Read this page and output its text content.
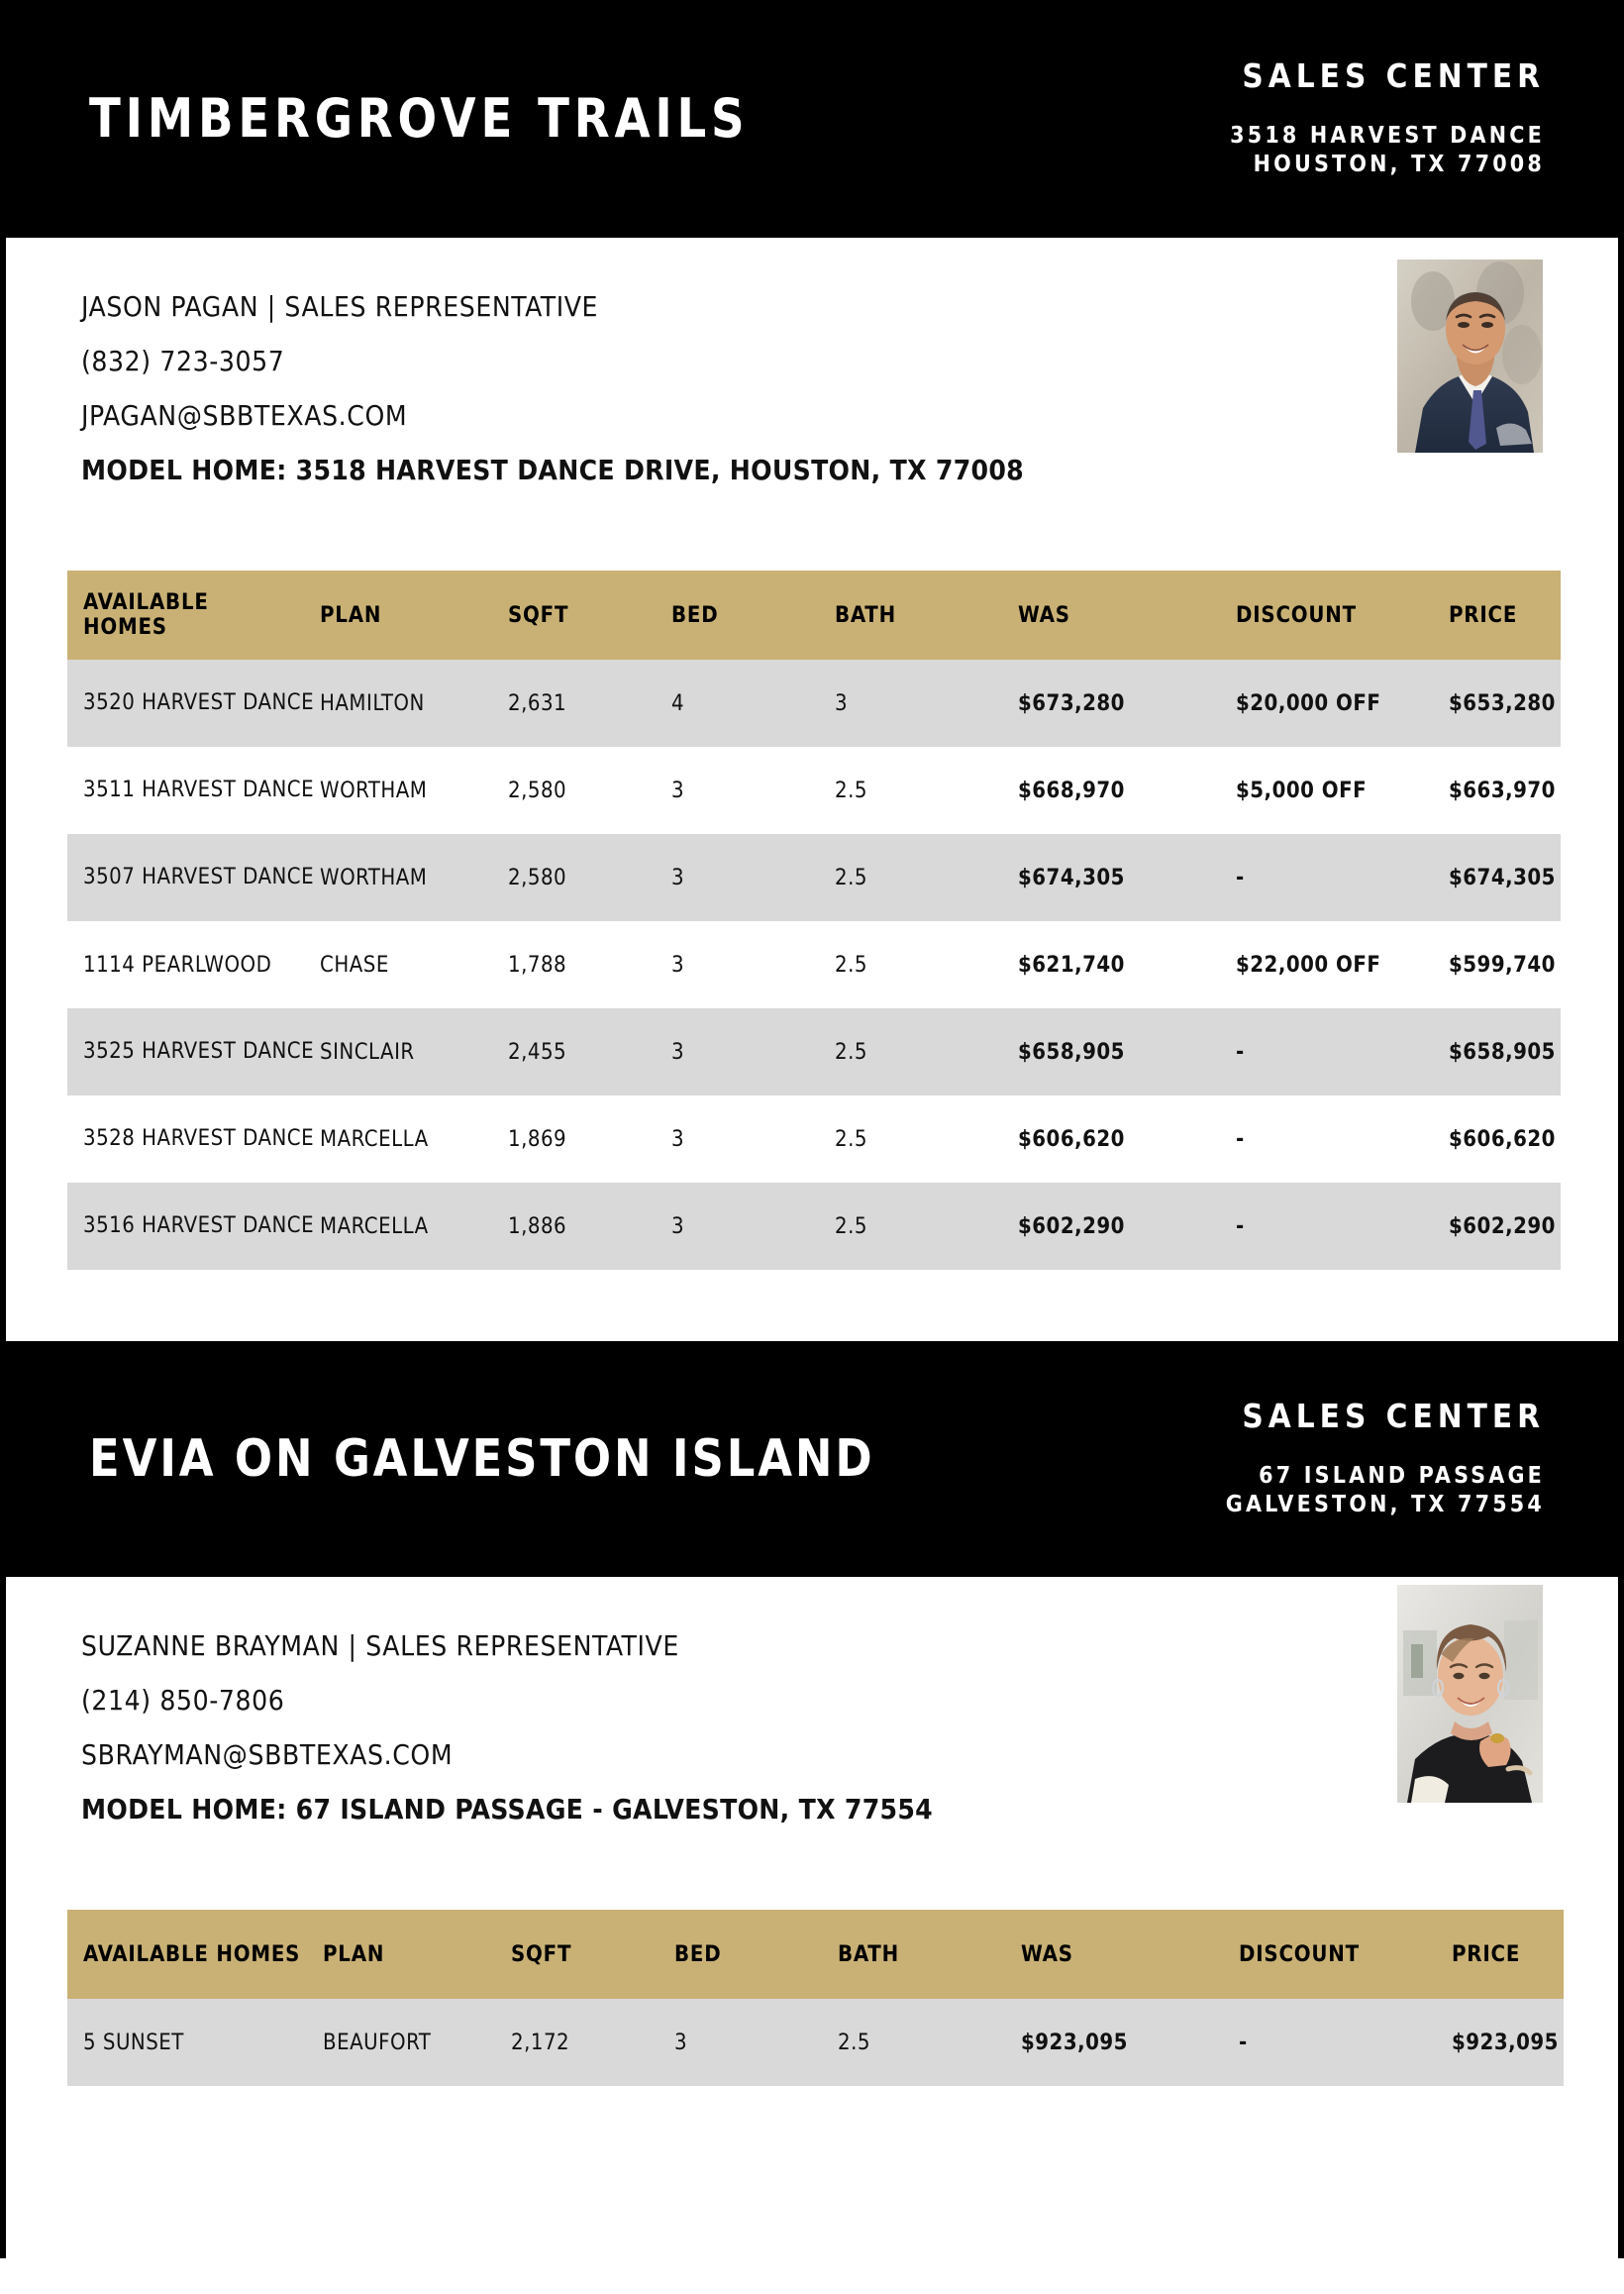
TIMBERGROVE TRAILS
SALES CENTER
3518 HARVEST DANCE
HOUSTON, TX 77008
JASON PAGAN | SALES REPRESENTATIVE
(832) 723-3057
JPAGAN@SBBTEXAS.COM
MODEL HOME: 3518 HARVEST DANCE DRIVE, HOUSTON, TX 77008
AVAILABLE
HOMES	PLAN	SQFT	BED	BATH	WAS	DISCOUNT	PRICE
3520 HARVEST DANCE	HAMILTON	2,631	4	3	$673,280	$20,000 OFF	$653,280
3511 HARVEST DANCE	WORTHAM	2,580	3	2.5	$668,970	$5,000 OFF	$663,970
3507 HARVEST DANCE	WORTHAM	2,580	3	2.5	$674,305	-	$674,305
1114 PEARLWOOD	CHASE	1,788	3	2.5	$621,740	$22,000 OFF	$599,740
3525 HARVEST DANCE	SINCLAIR	2,455	3	2.5	$658,905	-	$658,905
3528 HARVEST DANCE	MARCELLA	1,869	3	2.5	$606,620	-	$606,620
3516 HARVEST DANCE	MARCELLA	1,886	3	2.5	$602,290	-	$602,290
EVIA ON GALVESTON ISLAND
SALES CENTER
67 ISLAND PASSAGE
GALVESTON, TX 77554
SUZANNE BRAYMAN | SALES REPRESENTATIVE
(214) 850-7806
SBRAYMAN@SBBTEXAS.COM
MODEL HOME: 67 ISLAND PASSAGE - GALVESTON, TX 77554
AVAILABLE HOMES	PLAN	SQFT	BED	BATH	WAS	DISCOUNT	PRICE
5 SUNSET	BEAUFORT	2,172	3	2.5	$923,095	-	$923,095
